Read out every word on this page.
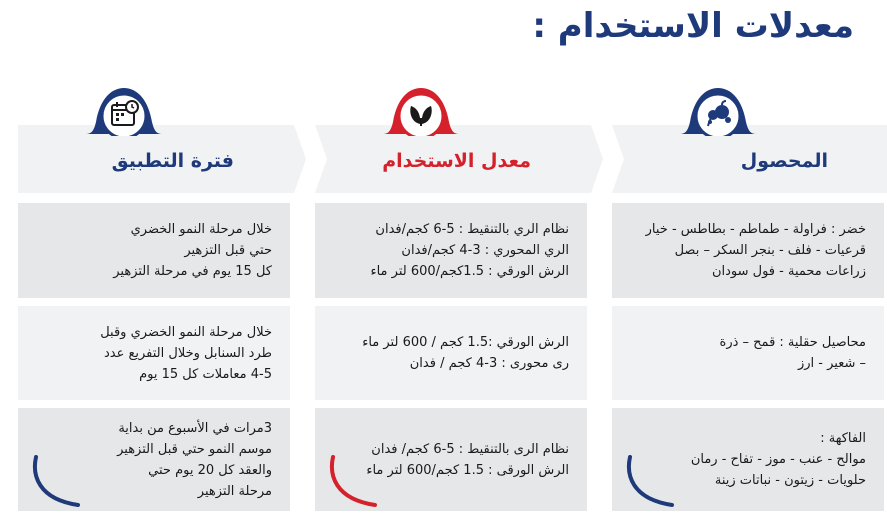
معدلات الاستخدام :
المحصول
خضر : فراولة - طماطم - بطاطس - خيار
قرعيات - فلف - بنجر السكر – بصل
زراعات محمية - فول سودان
محاصيل حقلية : قمح – ذرة
– شعير - ارز
الفاكهة :
موالح - عنب - موز - تفاح - رمان
حلويات - زيتون - نباتات زينة
معدل الاستخدام
نظام الري بالتنقيط : 5-6 كجم/فدان
الري المحوري : 3-4 كجم/فدان
الرش الورقي : 1.5كجم/600 لتر ماء
الرش الورقي :1.5 كجم / 600 لتر ماء
رى محورى : 3-4 كجم / فدان
نظام الرى بالتنقيط : 5-6 كجم/ فدان
الرش الورقى : 1.5 كجم/600 لتر ماء
فترة التطبيق
خلال مرحلة النمو الخضري
حتي قبل التزهير
كل 15 يوم في مرحلة التزهير
خلال مرحلة النمو الخضري وقبل
طرد السنابل وخلال التفريع عدد
4-5 معاملات كل 15 يوم
3مرات في الأسبوع من بداية
موسم النمو حتي قبل التزهير
والعقد كل 20 يوم حتي
مرحلة التزهير
